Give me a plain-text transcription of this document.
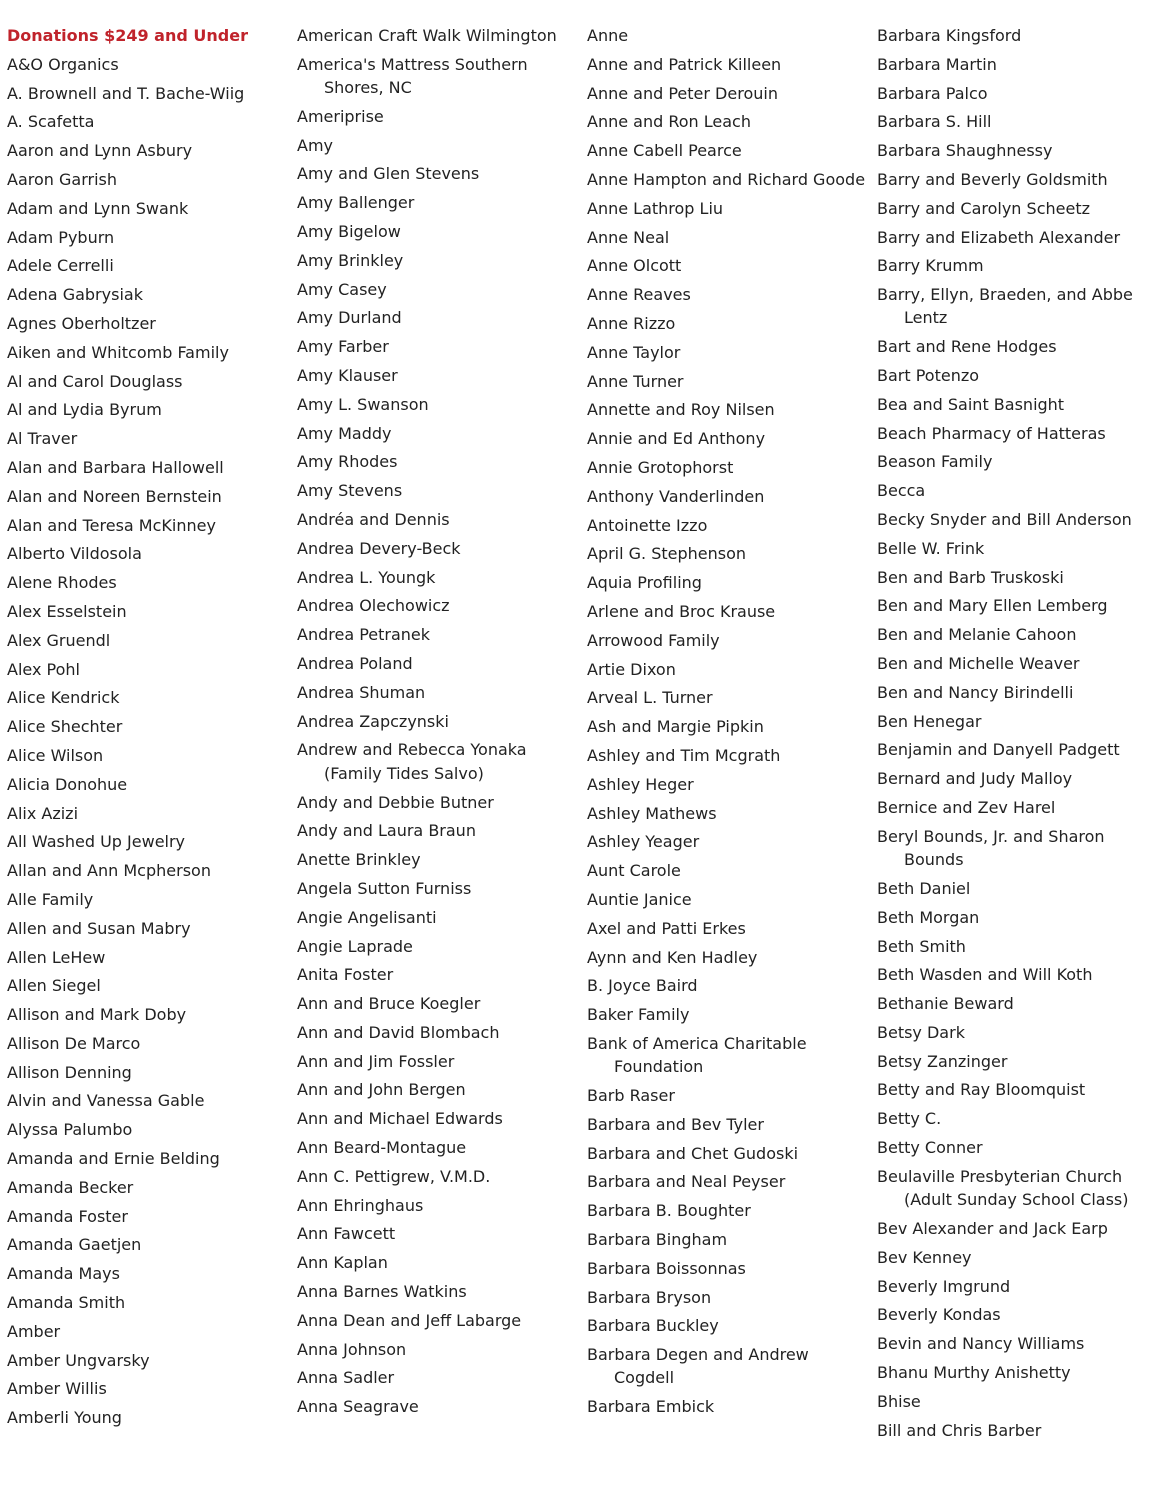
Donations $249 and Under
A&O Organics
A. Brownell and T. Bache-Wiig
A. Scafetta
Aaron and Lynn Asbury
Aaron Garrish
Adam and Lynn Swank
Adam Pyburn
Adele Cerrelli
Adena Gabrysiak
Agnes Oberholtzer
Aiken and Whitcomb Family
Al and Carol Douglass
Al and Lydia Byrum
Al Traver
Alan and Barbara Hallowell
Alan and Noreen Bernstein
Alan and Teresa McKinney
Alberto Vildosola
Alene Rhodes
Alex Esselstein
Alex Gruendl
Alex Pohl
Alice Kendrick
Alice Shechter
Alice Wilson
Alicia Donohue
Alix Azizi
All Washed Up Jewelry
Allan and Ann Mcpherson
Alle Family
Allen and Susan Mabry
Allen LeHew
Allen Siegel
Allison and Mark Doby
Allison De Marco
Allison Denning
Alvin and Vanessa Gable
Alyssa Palumbo
Amanda and Ernie Belding
Amanda Becker
Amanda Foster
Amanda Gaetjen
Amanda Mays
Amanda Smith
Amber
Amber Ungvarsky
Amber Willis
Amberli Young
American Craft Walk Wilmington
America's Mattress Southern Shores, NC
Ameriprise
Amy
Amy and Glen Stevens
Amy Ballenger
Amy Bigelow
Amy Brinkley
Amy Casey
Amy Durland
Amy Farber
Amy Klauser
Amy L. Swanson
Amy Maddy
Amy Rhodes
Amy Stevens
Andréa and Dennis
Andrea Devery-Beck
Andrea L. Youngk
Andrea Olechowicz
Andrea Petranek
Andrea Poland
Andrea Shuman
Andrea Zapczynski
Andrew and Rebecca Yonaka (Family Tides Salvo)
Andy and Debbie Butner
Andy and Laura Braun
Anette Brinkley
Angela Sutton Furniss
Angie Angelisanti
Angie Laprade
Anita Foster
Ann and Bruce Koegler
Ann and David Blombach
Ann and Jim Fossler
Ann and John Bergen
Ann and Michael Edwards
Ann Beard-Montague
Ann C. Pettigrew, V.M.D.
Ann Ehringhaus
Ann Fawcett
Ann Kaplan
Anna Barnes Watkins
Anna Dean and Jeff Labarge
Anna Johnson
Anna Sadler
Anna Seagrave
Anne
Anne and Patrick Killeen
Anne and Peter Derouin
Anne and Ron Leach
Anne Cabell Pearce
Anne Hampton and Richard Goode
Anne Lathrop Liu
Anne Neal
Anne Olcott
Anne Reaves
Anne Rizzo
Anne Taylor
Anne Turner
Annette and Roy Nilsen
Annie and Ed Anthony
Annie Grotophorst
Anthony Vanderlinden
Antoinette Izzo
April G. Stephenson
Aquia Profiling
Arlene and Broc Krause
Arrowood Family
Artie Dixon
Arveal L. Turner
Ash and Margie Pipkin
Ashley and Tim Mcgrath
Ashley Heger
Ashley Mathews
Ashley Yeager
Aunt Carole
Auntie Janice
Axel and Patti Erkes
Aynn and Ken Hadley
B. Joyce Baird
Baker Family
Bank of America Charitable Foundation
Barb Raser
Barbara and Bev Tyler
Barbara and Chet Gudoski
Barbara and Neal Peyser
Barbara B. Boughter
Barbara Bingham
Barbara Boissonnas
Barbara Bryson
Barbara Buckley
Barbara Degen and Andrew Cogdell
Barbara Embick
Barbara Kingsford
Barbara Martin
Barbara Palco
Barbara S. Hill
Barbara Shaughnessy
Barry and Beverly Goldsmith
Barry and Carolyn Scheetz
Barry and Elizabeth Alexander
Barry Krumm
Barry, Ellyn, Braeden, and Abbe Lentz
Bart and Rene Hodges
Bart Potenzo
Bea and Saint Basnight
Beach Pharmacy of Hatteras
Beason Family
Becca
Becky Snyder and Bill Anderson
Belle W. Frink
Ben and Barb Truskoski
Ben and Mary Ellen Lemberg
Ben and Melanie Cahoon
Ben and Michelle Weaver
Ben and Nancy Birindelli
Ben Henegar
Benjamin and Danyell Padgett
Bernard and Judy Malloy
Bernice and Zev Harel
Beryl Bounds, Jr. and Sharon Bounds
Beth Daniel
Beth Morgan
Beth Smith
Beth Wasden and Will Koth
Bethanie Beward
Betsy Dark
Betsy Zanzinger
Betty and Ray Bloomquist
Betty C.
Betty Conner
Beulaville Presbyterian Church (Adult Sunday School Class)
Bev Alexander and Jack Earp
Bev Kenney
Beverly Imgrund
Beverly Kondas
Bevin and Nancy Williams
Bhanu Murthy Anishetty
Bhise
Bill and Chris Barber
